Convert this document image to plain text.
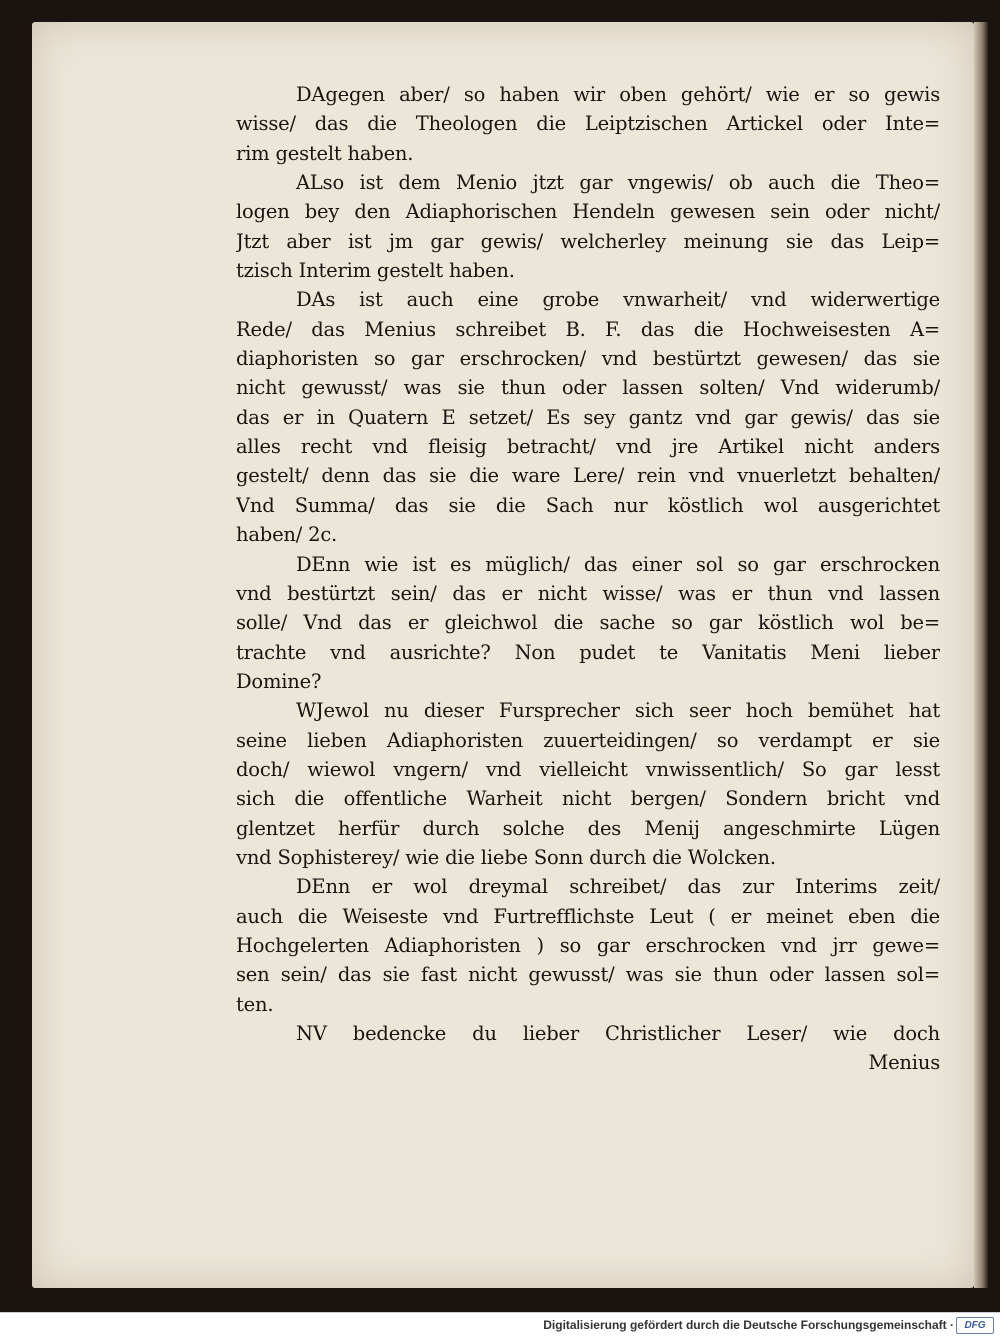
DAgegen aber/ so haben wir oben gehört/ wie er so gewis
wisse/ das die Theologen die Leiptzischen Artickel oder Inte=
rim gestelt haben.
ALso ist dem Menio jtzt gar vngewis/ ob auch die Theo=
logen bey den Adiaphorischen Hendeln gewesen sein oder nicht/
Jtzt aber ist jm gar gewis/ welcherley meinung sie das Leip=
tzisch Interim gestelt haben.
DAs ist auch eine grobe vnwarheit/ vnd widerwertige
Rede/ das Menius schreibet B. F. das die Hochweisesten A=
diaphoristen so gar erschrocken/ vnd bestürtzt gewesen/ das sie
nicht gewusst/ was sie thun oder lassen solten/ Vnd widerumb/
das er in Quatern E setzet/ Es sey gantz vnd gar gewis/ das sie
alles recht vnd fleisig betracht/ vnd jre Artikel nicht anders
gestelt/ denn das sie die ware Lere/ rein vnd vnuerletzt behalten/
Vnd Summa/ das sie die Sach nur köstlich wol ausgerichtet
haben/ 2c.
DEnn wie ist es müglich/ das einer sol so gar erschrocken
vnd bestürtzt sein/ das er nicht wisse/ was er thun vnd lassen
solle/ Vnd das er gleichwol die sache so gar köstlich wol be=
trachte vnd ausrichte? Non pudet te Vanitatis Meni lieber
Domine?
WJewol nu dieser Fursprecher sich seer hoch bemühet hat
seine lieben Adiaphoristen zuuerteidingen/ so verdampt er sie
doch/ wiewol vngern/ vnd vielleicht vnwissentlich/ So gar lesst
sich die offentliche Warheit nicht bergen/ Sondern bricht vnd
glentzet herfür durch solche des Menij angeschmirte Lügen
vnd Sophisterey/ wie die liebe Sonn durch die Wolcken.
DEnn er wol dreymal schreibet/ das zur Interims zeit/
auch die Weiseste vnd Furtrefflichste Leut ( er meinet eben die
Hochgelerten Adiaphoristen ) so gar erschrocken vnd jrr gewe=
sen sein/ das sie fast nicht gewusst/ was sie thun oder lassen sol=
ten.
NV bedencke du lieber Christlicher Leser/ wie doch
Menius
Digitalisierung gefördert durch die Deutsche Forschungsgemeinschaft ·	DFG
